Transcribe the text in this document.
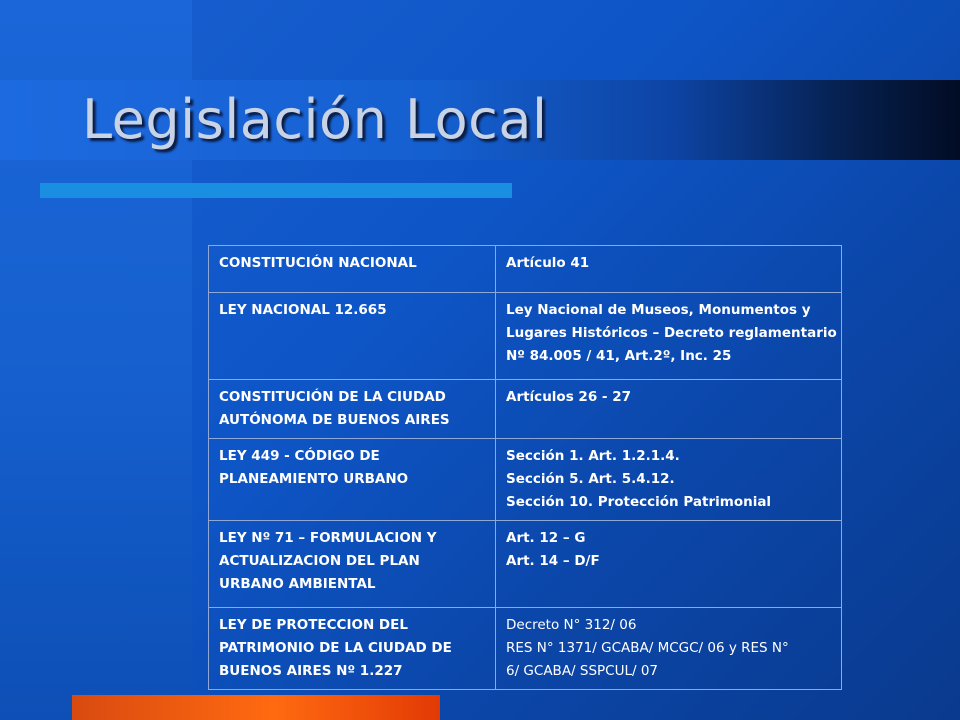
Legislación Local
CONSTITUCIÓN NACIONAL	Artículo 41

LEY NACIONAL 12.665	Ley Nacional de Museos, Monumentos y
Lugares Históricos – Decreto reglamentario
Nº 84.005 / 41, Art.2º, Inc. 25

CONSTITUCIÓN DE LA CIUDAD
AUTÓNOMA DE BUENOS AIRES	Artículos 26 - 27

LEY 449 - CÓDIGO DE
PLANEAMIENTO URBANO	Sección 1. Art. 1.2.1.4.
Sección 5. Art. 5.4.12.
Sección 10. Protección Patrimonial

LEY Nº 71 – FORMULACION Y
ACTUALIZACION DEL PLAN
URBANO AMBIENTAL	Art. 12 – G
Art. 14 – D/F

LEY DE PROTECCION DEL
PATRIMONIO DE LA CIUDAD DE
BUENOS AIRES Nº 1.227	Decreto N° 312/ 06
RES N° 1371/ GCABA/ MCGC/ 06 y RES N°
6/ GCABA/ SSPCUL/ 07
